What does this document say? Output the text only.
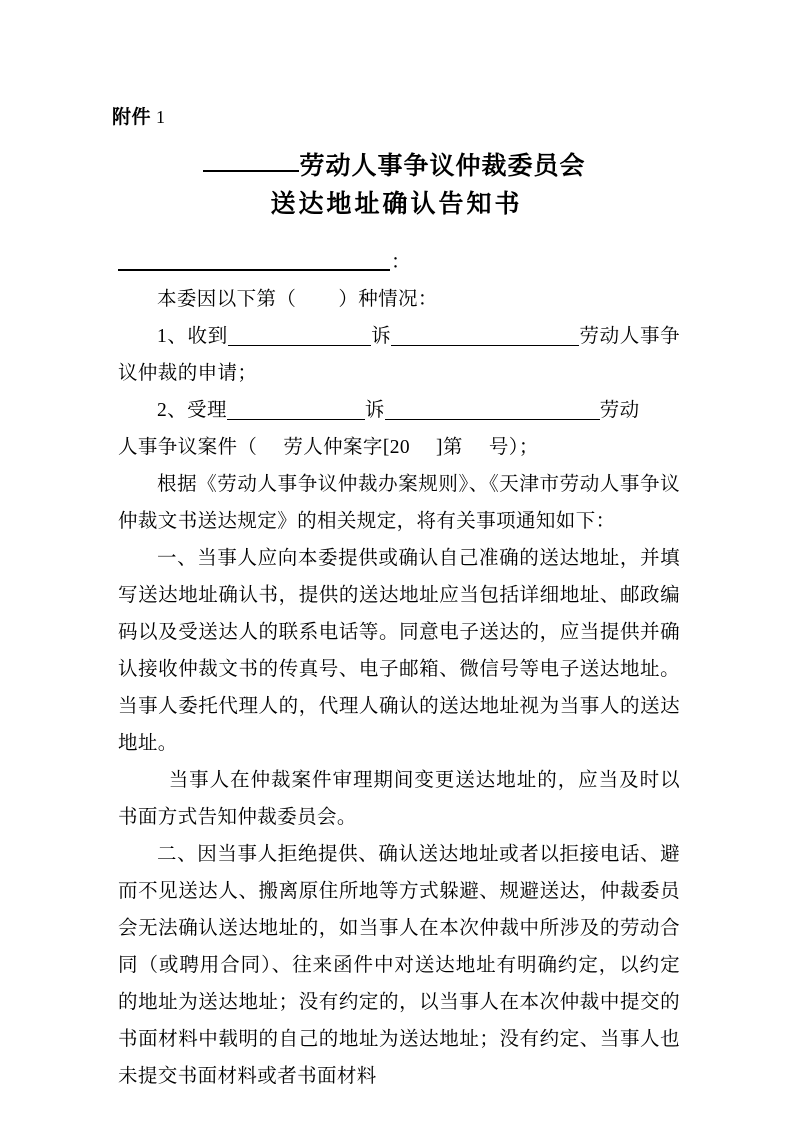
附件 1
劳动人事争议仲裁委员会
送达地址确认告知书
：

本委因以下第（ ）种情况：

1、收到	诉	劳动人事争议仲裁的申请；

2、受理	诉	劳动

人事争议案件（ 劳人仲案字[20 ]第 号）；

根据《劳动人事争议仲裁办案规则》、《天津市劳动人事争议仲裁文书送达规定》的相关规定，将有关事项通知如下：

一、当事人应向本委提供或确认自己准确的送达地址，并填写送达地址确认书，提供的送达地址应当包括详细地址、邮政编码以及受送达人的联系电话等。同意电子送达的，应当提供并确认接收仲裁文书的传真号、电子邮箱、微信号等电子送达地址。当事人委托代理人的，代理人确认的送达地址视为当事人的送达地址。

当事人在仲裁案件审理期间变更送达地址的，应当及时以书面方式告知仲裁委员会。

二、因当事人拒绝提供、确认送达地址或者以拒接电话、避而不见送达人、搬离原住所地等方式躲避、规避送达，仲裁委员会无法确认送达地址的，如当事人在本次仲裁中所涉及的劳动合同（或聘用合同）、往来函件中对送达地址有明确约定，以约定的地址为送达地址；没有约定的，以当事人在本次仲裁中提交的书面材料中载明的自己的地址为送达地址；没有约定、当事人也未提交书面材料或者书面材料
